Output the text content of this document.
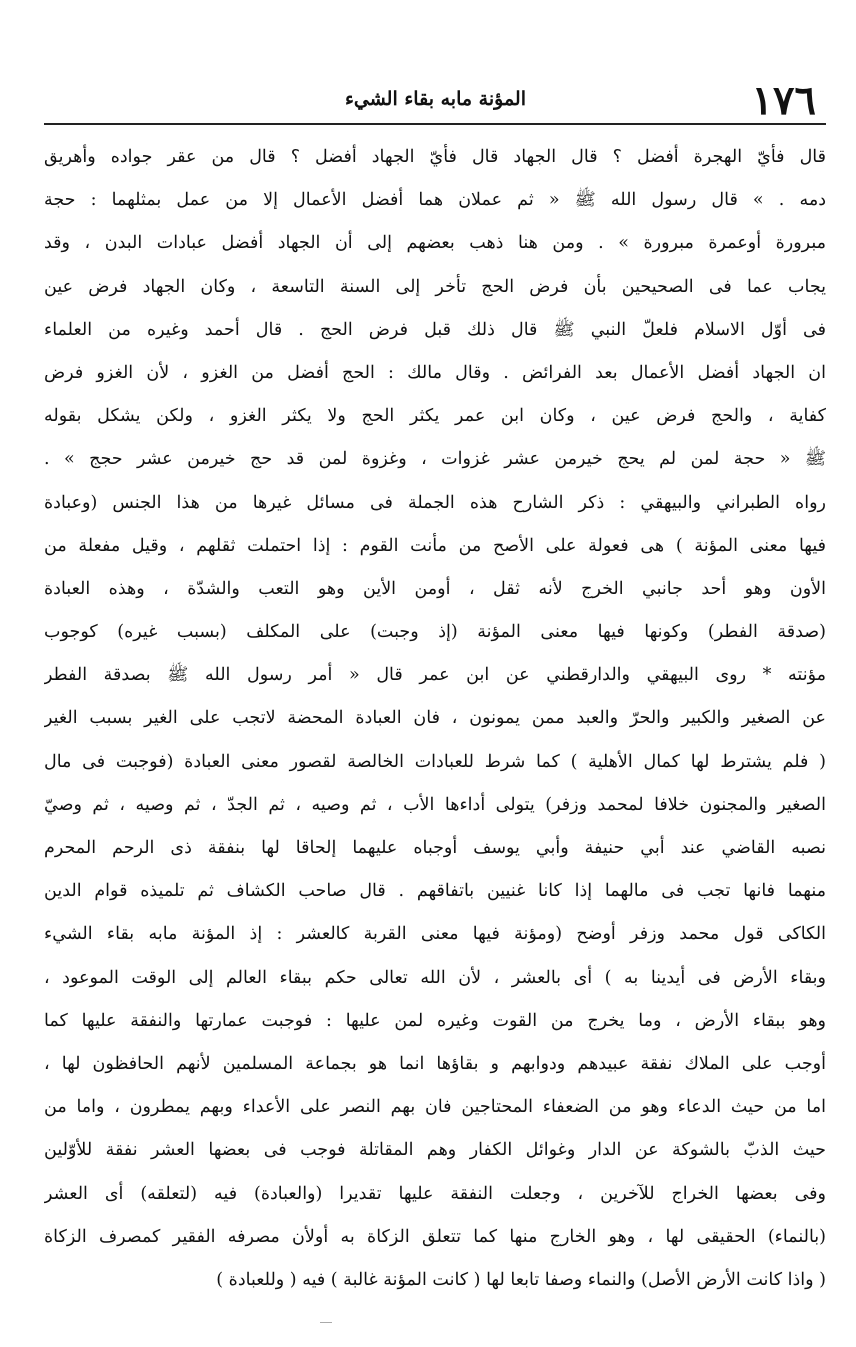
١٧٦
المؤنة مابه بقاء الشيء
قال فأيّ الهجرة أفضل ؟ قال الجهاد قال فأيّ الجهاد أفضل ؟ قال من عقر جواده وأهريق
دمه . » قال رسول الله ﷺ « ثم عملان هما أفضل الأعمال إلا من عمل بمثلهما : حجة
مبرورة أوعمرة مبرورة » . ومن هنا ذهب بعضهم إلى أن الجهاد أفضل عبادات البدن ، وقد
يجاب عما فى الصحيحين بأن فرض الحج تأخر إلى السنة التاسعة ، وكان الجهاد فرض عين
فى أوّل الاسلام فلعلّ النبي ﷺ قال ذلك قبل فرض الحج . قال أحمد وغيره من العلماء
ان الجهاد أفضل الأعمال بعد الفرائض . وقال مالك : الحج أفضل من الغزو ، لأن الغزو فرض
كفاية ، والحج فرض عين ، وكان ابن عمر يكثر الحج ولا يكثر الغزو ، ولكن يشكل بقوله
ﷺ « حجة لمن لم يحج خيرمن عشر غزوات ، وغزوة لمن قد حج خيرمن عشر حجج » .
رواه الطبراني والبيهقي : ذكر الشارح هذه الجملة فى مسائل غيرها من هذا الجنس (وعبادة
فيها معنى المؤنة ) هى فعولة على الأصح من مأنت القوم : إذا احتملت ثقلهم ، وقيل مفعلة من
الأون وهو أحد جانبي الخرج لأنه ثقل ، أومن الأين وهو التعب والشدّة ، وهذه العبادة
(صدقة الفطر) وكونها فيها معنى المؤنة (إذ وجبت) على المكلف (بسبب غيره) كوجوب
مؤنته * روى البيهقي والدارقطني عن ابن عمر قال « أمر رسول الله ﷺ بصدقة الفطر
عن الصغير والكبير والحرّ والعبد ممن يمونون ، فان العبادة المحضة لاتجب على الغير بسبب الغير
( فلم يشترط لها كمال الأهلية ) كما شرط للعبادات الخالصة لقصور معنى العبادة (فوجبت فى مال
الصغير والمجنون خلافا لمحمد وزفر) يتولى أداءها الأب ، ثم وصيه ، ثم الجدّ ، ثم وصيه ، ثم وصيّ
نصبه القاضي عند أبي حنيفة وأبي يوسف أوجباه عليهما إلحاقا لها بنفقة ذى الرحم المحرم
منهما فانها تجب فى مالهما إذا كانا غنيين باتفاقهم . قال صاحب الكشاف ثم تلميذه قوام الدين
الكاكى قول محمد وزفر أوضح (ومؤنة فيها معنى القربة كالعشر : إذ المؤنة مابه بقاء الشيء
وبقاء الأرض فى أيدينا به ) أى بالعشر ، لأن الله تعالى حكم ببقاء العالم إلى الوقت الموعود ،
وهو ببقاء الأرض ، وما يخرج من القوت وغيره لمن عليها : فوجبت عمارتها والنفقة عليها كما
أوجب على الملاك نفقة عبيدهم ودوابهم و بقاؤها انما هو بجماعة المسلمين لأنهم الحافظون لها ،
اما من حيث الدعاء وهو من الضعفاء المحتاجين فان بهم النصر على الأعداء وبهم يمطرون ، واما من
حيث الذبّ بالشوكة عن الدار وغوائل الكفار وهم المقاتلة فوجب فى بعضها العشر نفقة للأوّلين
وفى بعضها الخراج للآخرين ، وجعلت النفقة عليها تقديرا (والعبادة) فيه (لتعلقه) أى العشر
(بالنماء) الحقيقى لها ، وهو الخارج منها كما تتعلق الزكاة به أولأن مصرفه الفقير كمصرف الزكاة
( واذا كانت الأرض الأصل) والنماء وصفا تابعا لها ( كانت المؤنة غالبة ) فيه ( وللعبادة )
